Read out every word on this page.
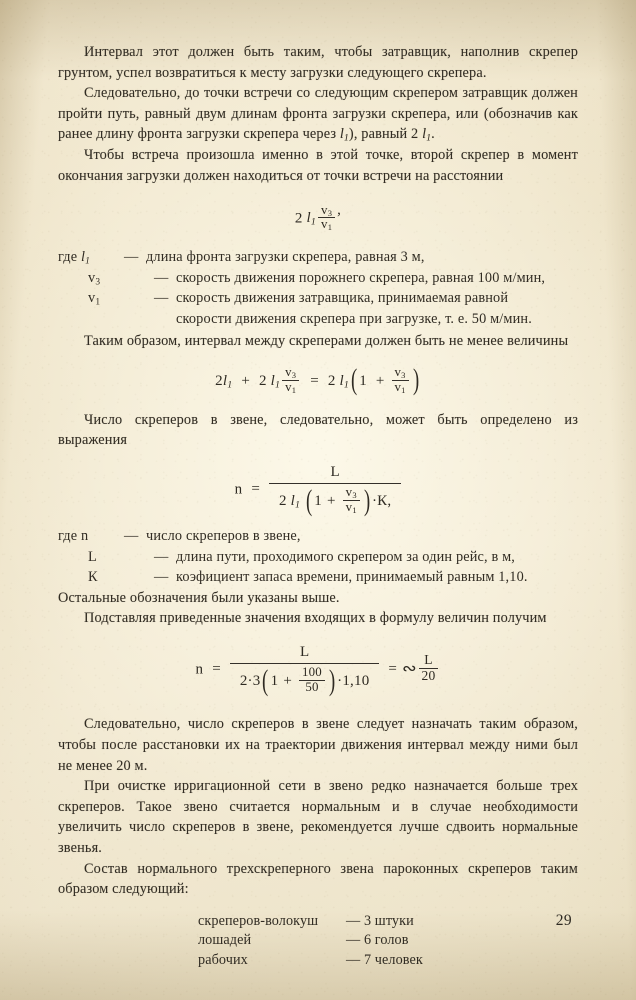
Интервал этот должен быть таким, чтобы затравщик, наполнив скрепер грунтом, успел возвратиться к месту загрузки следующего скрепера.

Следовательно, до точки встречи со следующим скрепером затравщик должен пройти путь, равный двум длинам фронта загрузки скрепера, или (обозначив как ранее длину фронта загрузки скрепера через $l_1$), равный 2 $l_1$.

Чтобы встреча произошла именно в этой точке, второй скрепер в момент окончания загрузки должен находиться от точки встречи на расстоянии

2 $l_1 \frac{v_3}{v_1}$ ,
где $l_1$	— длина фронта загрузки скрепера, равная 3 м,
$v_3$	— скорость движения порожнего скрепера, равная 100 м/мин,
$v_1$	— скорость движения затравщика, принимаемая равной
скорости движения скрепера при загрузке, т. е. 50 м/мин.

Таким образом, интервал между скреперами должен быть не менее величины

$2l_1 + 2$ $l_1 \frac{v_3}{v_1} = 2$ $l_1$( $1 + \frac{v_3}{v_1}$ )

Число скреперов в звене, следовательно, может быть определено из выражения

$n = \frac{L}{2 l_1 ( 1 + \frac{v_3}{v_1} ) \cdot К,}$
где n	— число скреперов в звене,
L	— длина пути, проходимого скрепером за один рейс, в м,
К	— коэфициент запаса времени, принимаемый равным 1,10.

Остальные обозначения были указаны выше.

Подставляя приведенные значения входящих в формулу величин получим

$n = \frac{L}{2\cdot 3( 1 + \frac{100}{50} ) \cdot 1,10}$ = ∾ $\frac{L}{20}$

Следовательно, число скреперов в звене следует назначать таким образом, чтобы после расстановки их на траектории движения интервал между ними был не менее 20 м.

При очистке ирригационной сети в звено редко назначается больше трех скреперов. Такое звено считается нормальным и в случае необходимости увеличить число скреперов в звене, рекомендуется лучше сдвоить нормальные звенья.

Состав нормального трехскреперного звена пароконных скреперов таким образом следующий:

скреперов-волокуш	— 3 штуки
лошадей	— 6 голов
рабочих	— 7 человек
29
